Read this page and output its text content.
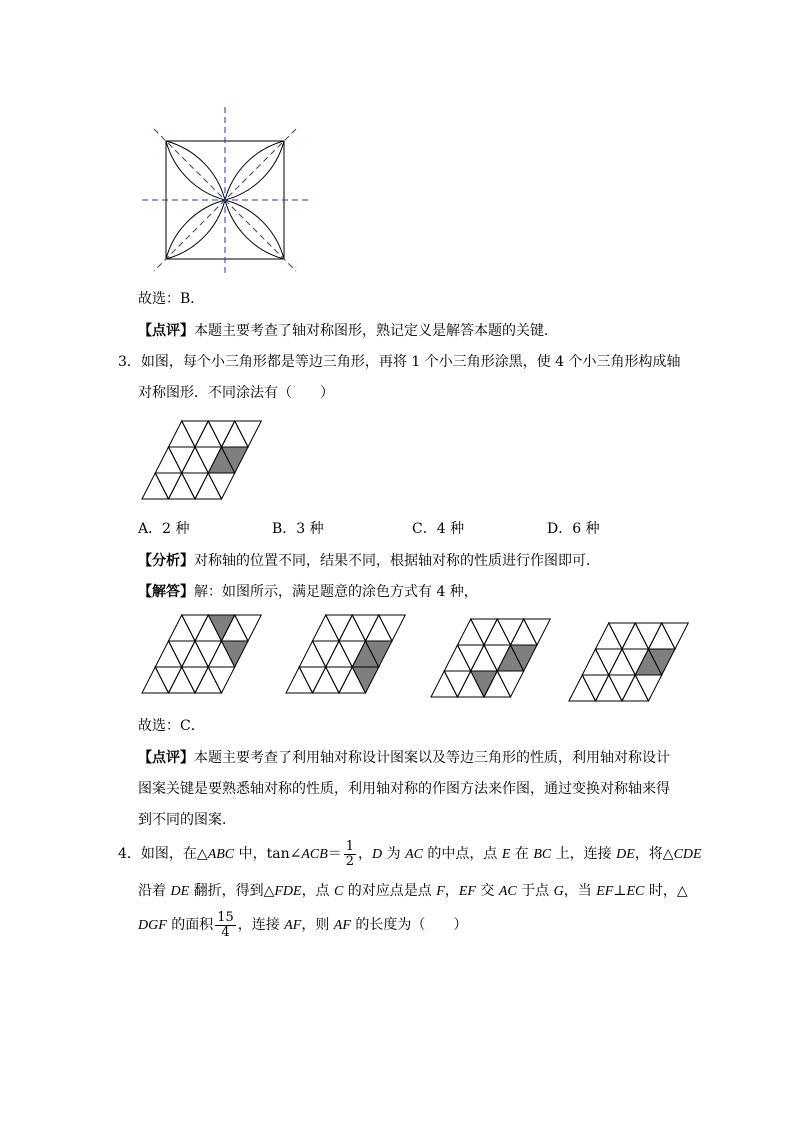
故选：B．
【点评】本题主要考查了轴对称图形，熟记定义是解答本题的关键．
3．如图，每个小三角形都是等边三角形，再将 1 个小三角形涂黑，使 4 个小三角形构成轴
对称图形．不同涂法有（　　）
A．2 种	B．3 种	C．4 种	D．6 种
【分析】对称轴的位置不同，结果不同，根据轴对称的性质进行作图即可．
【解答】解：如图所示，满足题意的涂色方式有 4 种，
故选：C．
【点评】本题主要考查了利用轴对称设计图案以及等边三角形的性质，利用轴对称设计
图案关键是要熟悉轴对称的性质，利用轴对称的作图方法来作图，通过变换对称轴来得
到不同的图案．
4．如图，在△ABC 中，tan∠ACB＝ $\frac{1}{2}$ ，D 为 AC 的中点，点 E 在 BC 上，连接 DE，将△CDE
沿着 DE 翻折，得到△FDE，点 C 的对应点是点 F，EF 交 AC 于点 G，当 EF⊥EC 时，△
DGF 的面积 $\frac{15}{4}$ ，连接 AF，则 AF 的长度为（　　）
